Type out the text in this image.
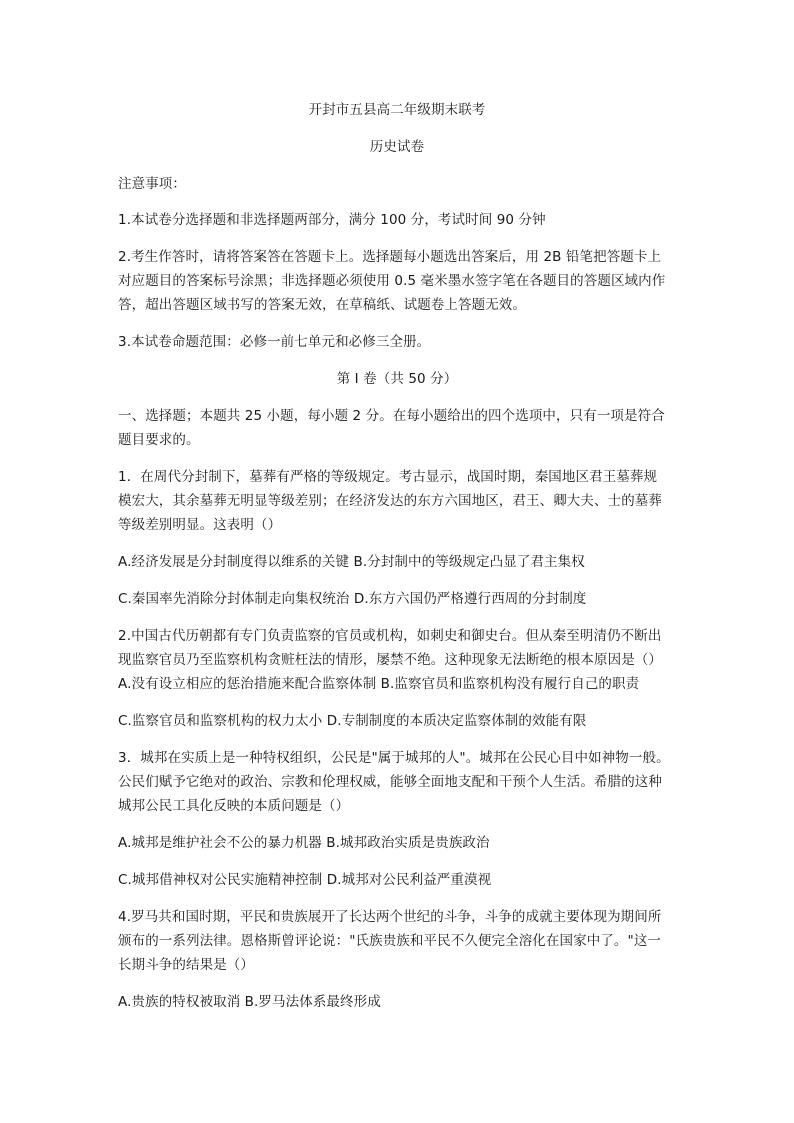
开封市五县高二年级期末联考
历史试卷
注意事项：
1.本试卷分选择题和非选择题两部分，满分 100 分，考试时间 90 分钟
2.考生作答时，请将答案答在答题卡上。选择题每小题选出答案后，用 2B 铅笔把答题卡上
对应题目的答案标号涂黑；非选择题必须使用 0.5 毫米墨水签字笔在各题目的答题区域内作
答，超出答题区域书写的答案无效，在草稿纸、试题卷上答题无效。
3.本试卷命题范围：必修一前七单元和必修三全册。
第 I 卷（共 50 分）
一、选择题；本题共 25 小题，每小题 2 分。在每小题给出的四个选项中，只有一项是符合
题目要求的。
1．在周代分封制下，墓葬有严格的等级规定。考古显示，战国时期，秦国地区君王墓葬规
模宏大，其余墓葬无明显等级差别；在经济发达的东方六国地区，君王、卿大夫、士的墓葬
等级差别明显。这表明（）
A.经济发展是分封制度得以维系的关键 B.分封制中的等级规定凸显了君主集权
C.秦国率先消除分封体制走向集权统治 D.东方六国仍严格遵行西周的分封制度
2.中国古代历朝都有专门负责监察的官员或机构，如刺史和御史台。但从秦至明清仍不断出
现监察官员乃至监察机构贪赃枉法的情形，屡禁不绝。这种现象无法断绝的根本原因是（）
A.没有设立相应的惩治措施来配合监察体制 B.监察官员和监察机构没有履行自己的职责
C.监察官员和监察机构的权力太小 D.专制制度的本质决定监察体制的效能有限
3．城邦在实质上是一种特权组织，公民是"属于城邦的人"。城邦在公民心目中如神物一般。
公民们赋予它绝对的政治、宗教和伦理权威，能够全面地支配和干预个人生活。希腊的这种
城邦公民工具化反映的本质问题是（）
A.城邦是维护社会不公的暴力机器 B.城邦政治实质是贵族政治
C.城邦借神权对公民实施精神控制 D.城邦对公民利益严重漠视
4.罗马共和国时期，平民和贵族展开了长达两个世纪的斗争，斗争的成就主要体现为期间所
颁布的一系列法律。恩格斯曾评论说："氏族贵族和平民不久便完全溶化在国家中了。"这一
长期斗争的结果是（）
A.贵族的特权被取消 B.罗马法体系最终形成
